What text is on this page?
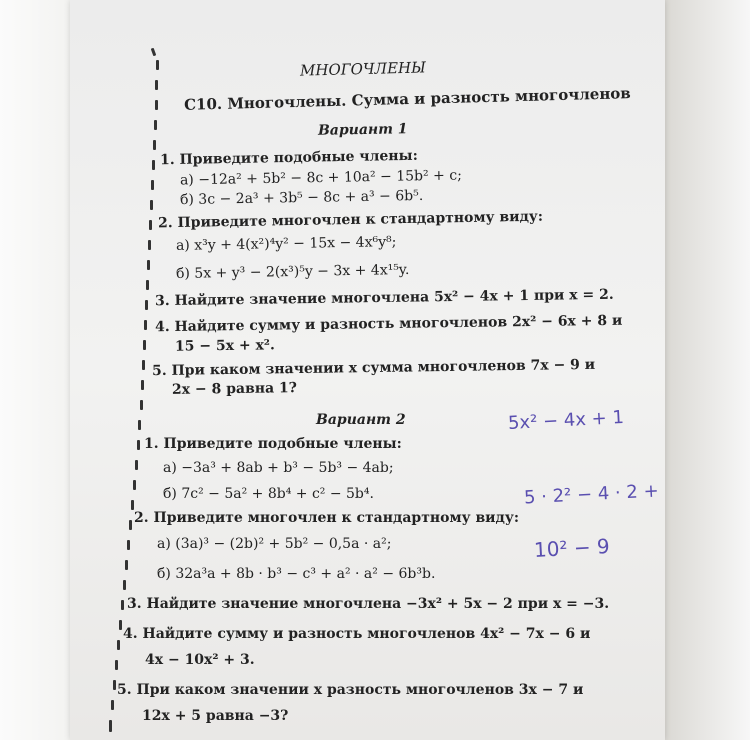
МНОГОЧЛЕНЫ
С10. Многочлены. Сумма и разность многочленов
Вариант 1
1. Приведите подобные члены:
а) −12a² + 5b² − 8c + 10a² − 15b² + c;
б) 3c − 2a³ + 3b⁵ − 8c + a³ − 6b⁵.
2. Приведите многочлен к стандартному виду:
а) x³y + 4(x²)⁴y² − 15x − 4x⁶y⁸;
б) 5x + y³ − 2(x³)⁵y − 3x + 4x¹⁵y.
3. Найдите значение многочлена 5x² − 4x + 1 при x = 2.
4. Найдите сумму и разность многочленов 2x² − 6x + 8 и
15 − 5x + x².
5. При каком значении x сумма многочленов 7x − 9 и
2x − 8 равна 1?
Вариант 2
1. Приведите подобные члены:
а) −3a³ + 8ab + b³ − 5b³ − 4ab;
б) 7c² − 5a² + 8b⁴ + c² − 5b⁴.
2. Приведите многочлен к стандартному виду:
а) (3a)³ − (2b)² + 5b² − 0,5a · a²;
б) 32a³a + 8b · b³ − c³ + a² · a² − 6b³b.
3. Найдите значение многочлена −3x² + 5x − 2 при x = −3.
4. Найдите сумму и разность многочленов 4x² − 7x − 6 и
4x − 10x² + 3.
5. При каком значении x разность многочленов 3x − 7 и
12x + 5 равна −3?
5x² − 4x + 1
5 · 2² − 4 · 2 +
10² − 9
